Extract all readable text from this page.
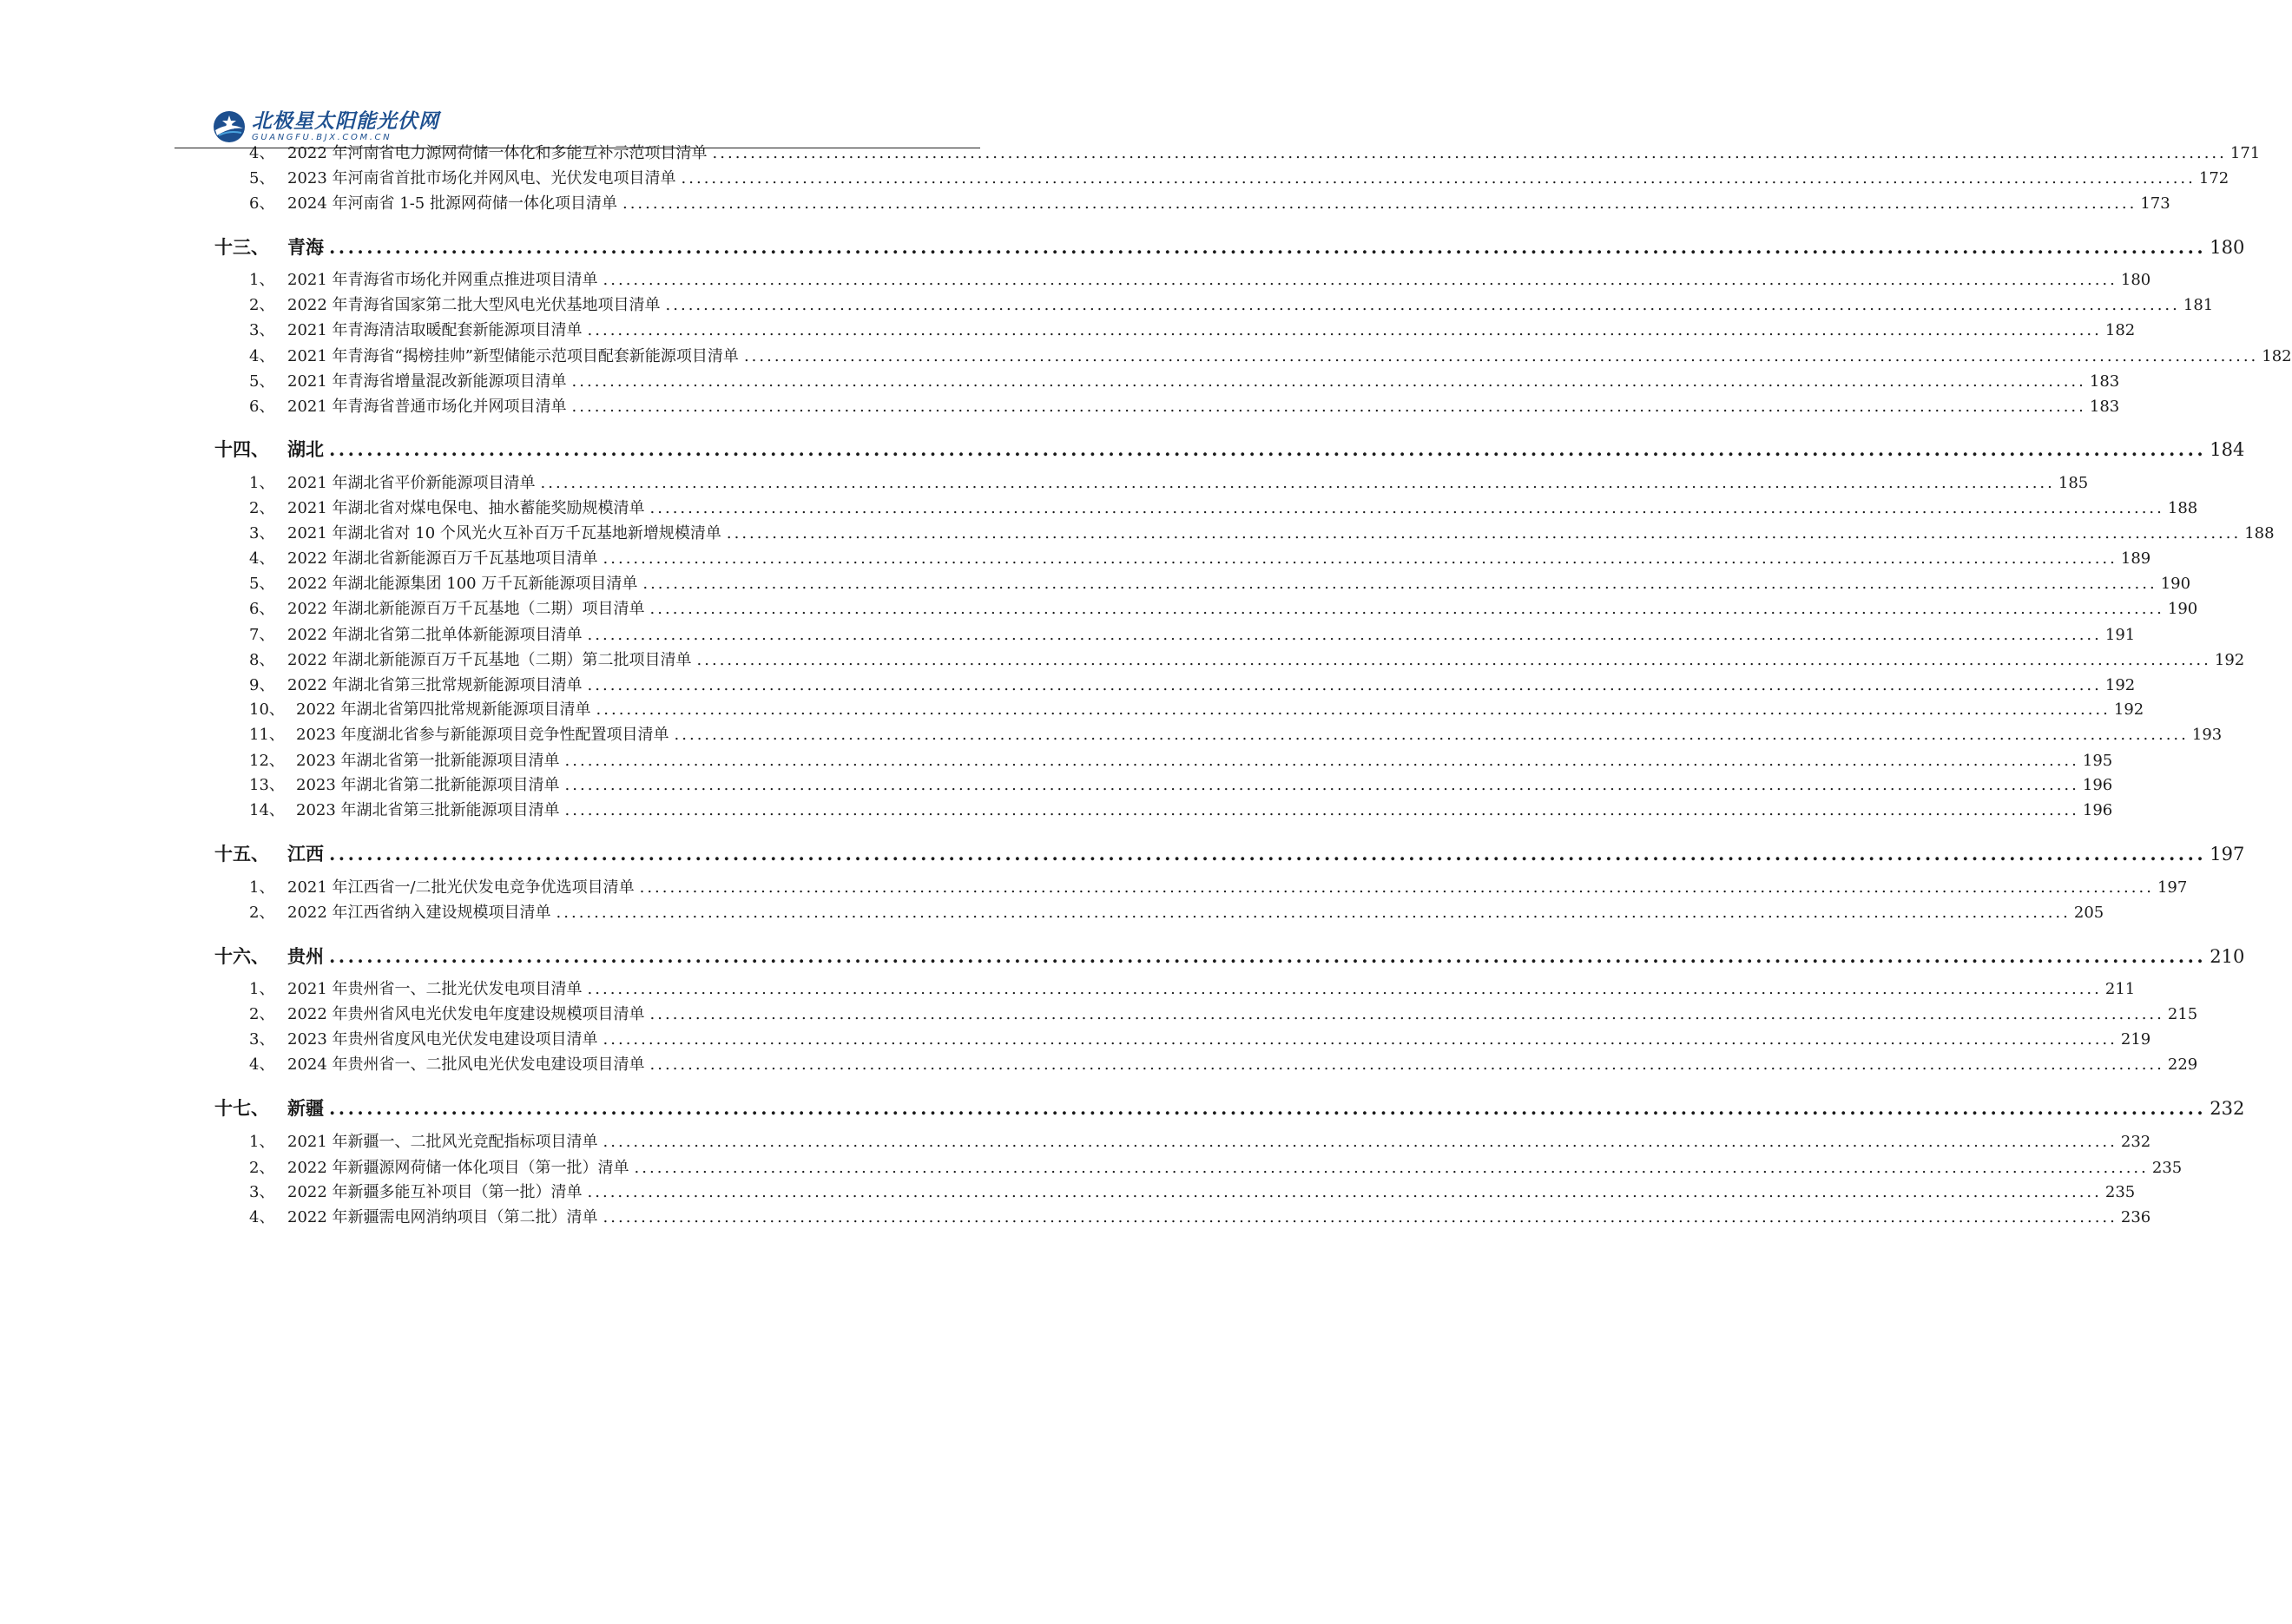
北极星太阳能光伏网
GUANGFU.BJX.COM.CN
4、 2022 年河南省电力源网荷储一体化和多能互补示范项目清单 ........................................................................................................................................................................................................ 171
5、 2023 年河南省首批市场化并网风电、光伏发电项目清单 ........................................................................................................................................................................................................ 172
6、 2024 年河南省 1-5 批源网荷储一体化项目清单 ........................................................................................................................................................................................................ 173
十三、	青海 ........................................................................................................................................................................................................ 180
1、 2021 年青海省市场化并网重点推进项目清单 ........................................................................................................................................................................................................ 180
2、 2022 年青海省国家第二批大型风电光伏基地项目清单 ........................................................................................................................................................................................................ 181
3、 2021 年青海清洁取暖配套新能源项目清单 ........................................................................................................................................................................................................ 182
4、 2021 年青海省“揭榜挂帅”新型储能示范项目配套新能源项目清单 ........................................................................................................................................................................................................ 182
5、 2021 年青海省增量混改新能源项目清单 ........................................................................................................................................................................................................ 183
6、 2021 年青海省普通市场化并网项目清单 ........................................................................................................................................................................................................ 183
十四、	湖北 ........................................................................................................................................................................................................ 184
1、 2021 年湖北省平价新能源项目清单 ........................................................................................................................................................................................................ 185
2、 2021 年湖北省对煤电保电、抽水蓄能奖励规模清单 ........................................................................................................................................................................................................ 188
3、 2021 年湖北省对 10 个风光火互补百万千瓦基地新增规模清单 ........................................................................................................................................................................................................ 188
4、 2022 年湖北省新能源百万千瓦基地项目清单 ........................................................................................................................................................................................................ 189
5、 2022 年湖北能源集团 100 万千瓦新能源项目清单 ........................................................................................................................................................................................................ 190
6、 2022 年湖北新能源百万千瓦基地（二期）项目清单 ........................................................................................................................................................................................................ 190
7、 2022 年湖北省第二批单体新能源项目清单 ........................................................................................................................................................................................................ 191
8、 2022 年湖北新能源百万千瓦基地（二期）第二批项目清单 ........................................................................................................................................................................................................ 192
9、 2022 年湖北省第三批常规新能源项目清单 ........................................................................................................................................................................................................ 192
10、 2022 年湖北省第四批常规新能源项目清单 ........................................................................................................................................................................................................ 192
11、 2023 年度湖北省参与新能源项目竞争性配置项目清单 ........................................................................................................................................................................................................ 193
12、 2023 年湖北省第一批新能源项目清单 ........................................................................................................................................................................................................ 195
13、 2023 年湖北省第二批新能源项目清单 ........................................................................................................................................................................................................ 196
14、 2023 年湖北省第三批新能源项目清单 ........................................................................................................................................................................................................ 196
十五、	江西 ........................................................................................................................................................................................................ 197
1、 2021 年江西省一/二批光伏发电竞争优选项目清单 ........................................................................................................................................................................................................ 197
2、 2022 年江西省纳入建设规模项目清单 ........................................................................................................................................................................................................ 205
十六、	贵州 ........................................................................................................................................................................................................ 210
1、 2021 年贵州省一、二批光伏发电项目清单 ........................................................................................................................................................................................................ 211
2、 2022 年贵州省风电光伏发电年度建设规模项目清单 ........................................................................................................................................................................................................ 215
3、 2023 年贵州省度风电光伏发电建设项目清单 ........................................................................................................................................................................................................ 219
4、 2024 年贵州省一、二批风电光伏发电建设项目清单 ........................................................................................................................................................................................................ 229
十七、	新疆 ........................................................................................................................................................................................................ 232
1、 2021 年新疆一、二批风光竞配指标项目清单 ........................................................................................................................................................................................................ 232
2、 2022 年新疆源网荷储一体化项目（第一批）清单 ........................................................................................................................................................................................................ 235
3、 2022 年新疆多能互补项目（第一批）清单 ........................................................................................................................................................................................................ 235
4、 2022 年新疆需电网消纳项目（第二批）清单 ........................................................................................................................................................................................................ 236
